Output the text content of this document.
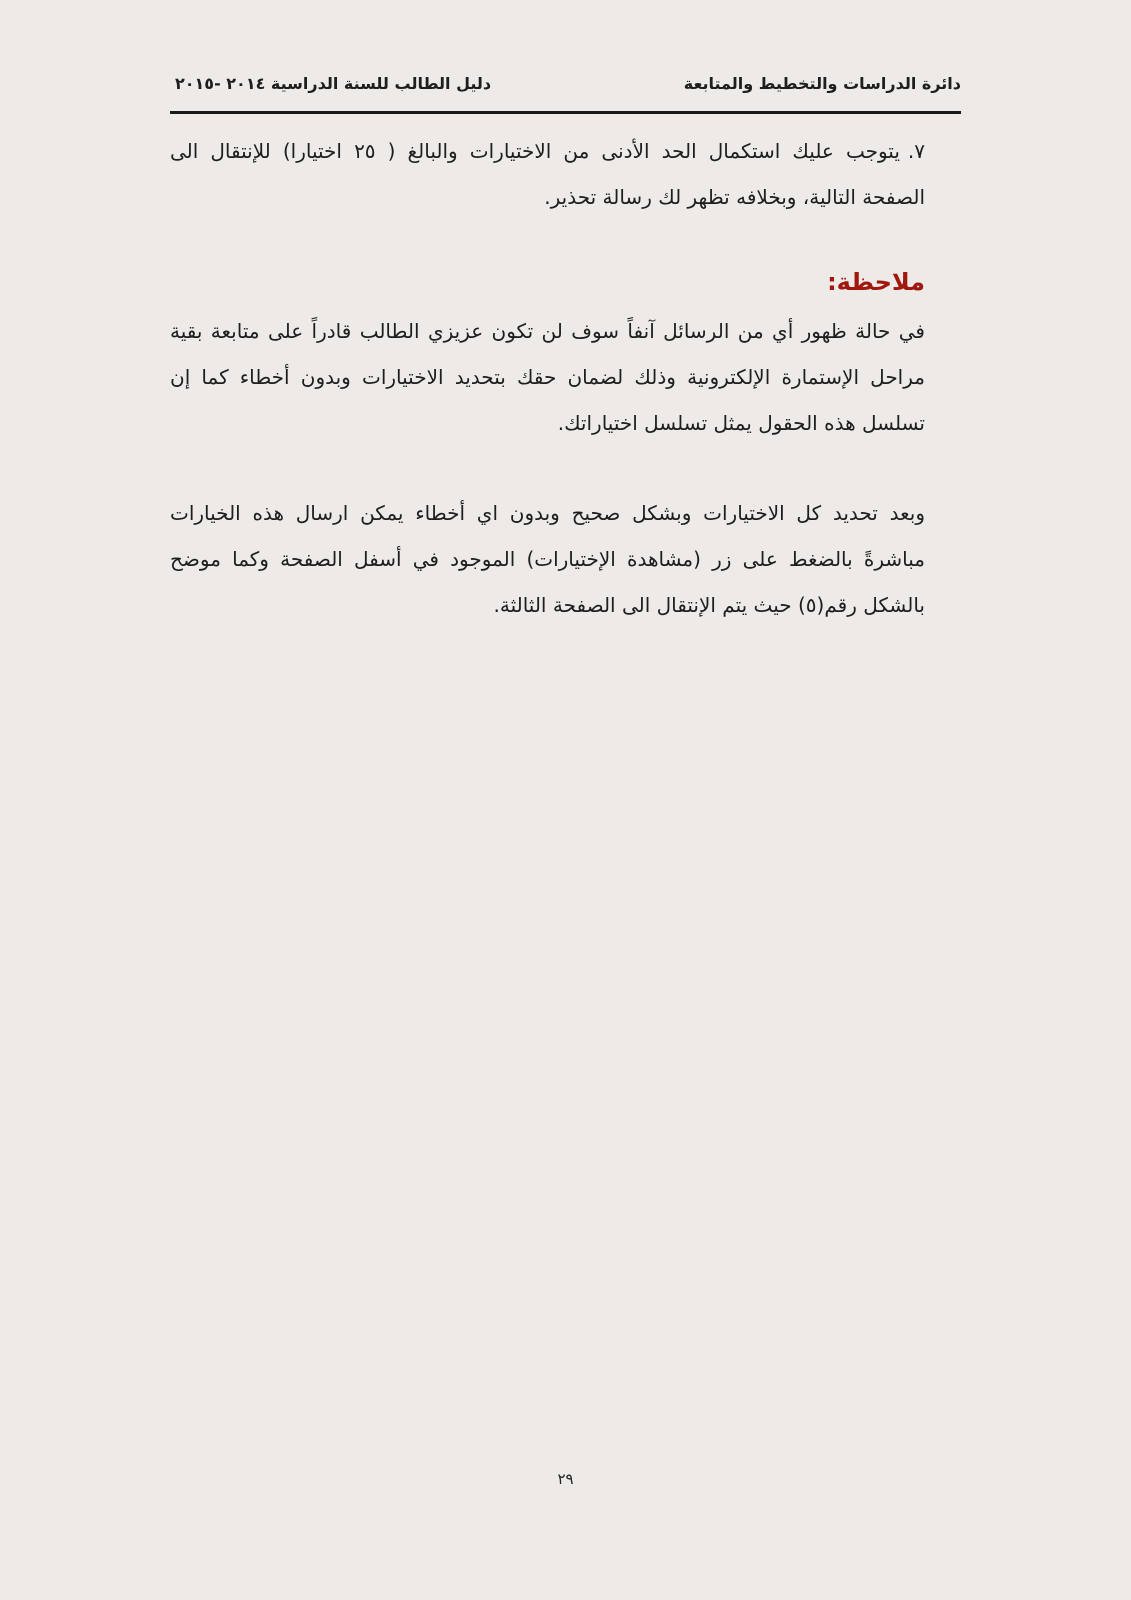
دائرة الدراسات والتخطيط والمتابعة
دليل الطالب للسنة الدراسية ٢٠١٤ -٢٠١٥

٧.يتوجب عليك استكمال الحد الأدنى من الاختيارات والبالغ ( ٢٥ اختيارا) للإنتقال الى الصفحة التالية، وبخلافه تظهر لك رسالة تحذير.

ملاحظة:

في حالة ظهور أي من الرسائل آنفاً سوف لن تكون عزيزي الطالب قادراً على متابعة بقية مراحل الإستمارة الإلكترونية وذلك لضمان حقك بتحديد الاختيارات وبدون أخطاء كما إن تسلسل هذه الحقول يمثل تسلسل اختياراتك.

وبعد تحديد كل الاختيارات وبشكل صحيح وبدون اي أخطاء يمكن ارسال هذه الخيارات مباشرةً بالضغط على زر (مشاهدة الإختيارات) الموجود في أسفل الصفحة وكما موضح بالشكل رقم(٥) حيث يتم الإنتقال الى الصفحة الثالثة.

٢٩
